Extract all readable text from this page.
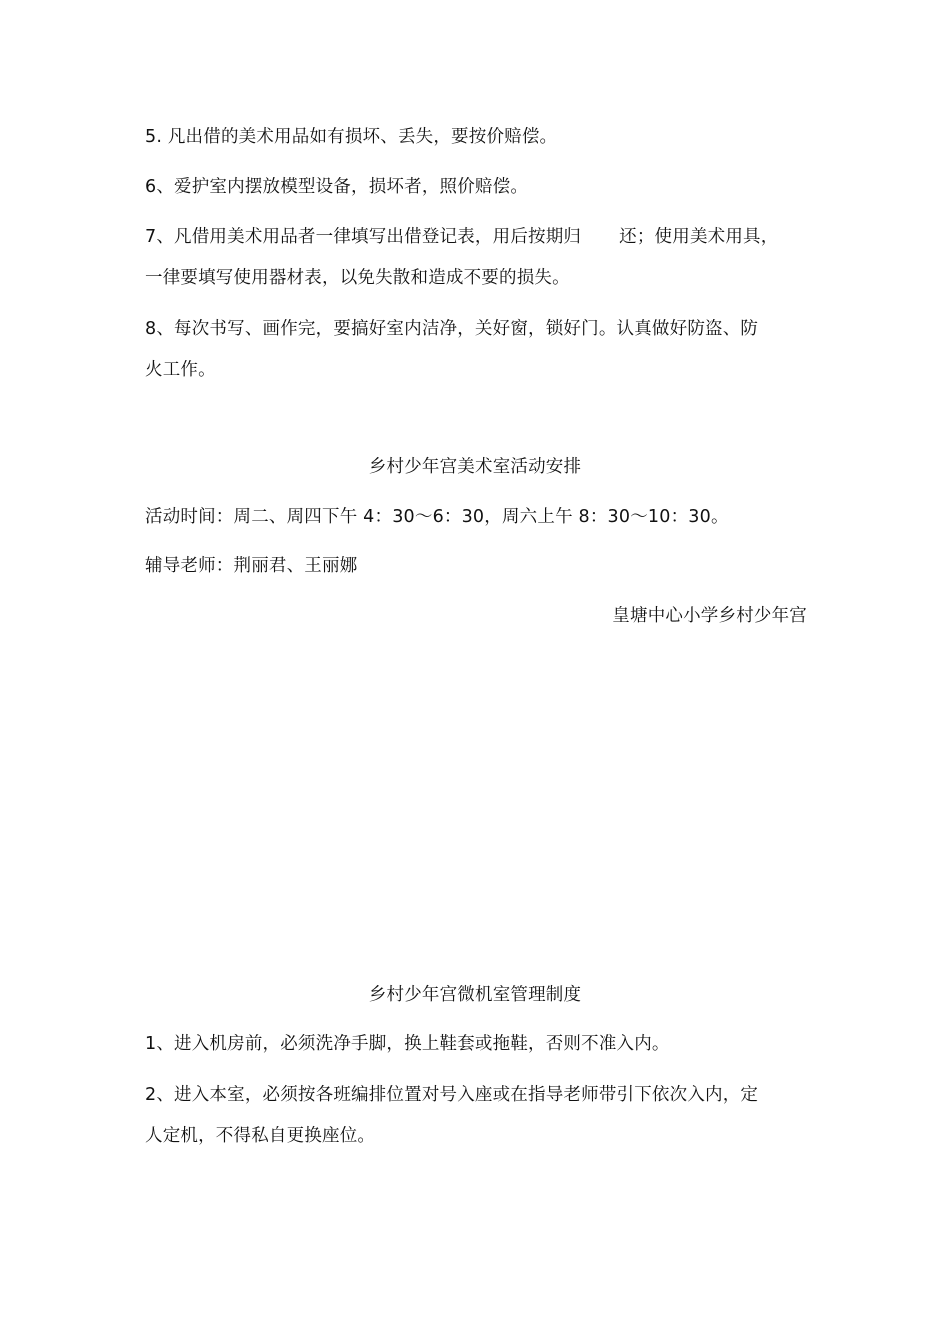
5. 凡出借的美术用品如有损坏、丢失，要按价赔偿。
6、爱护室内摆放模型设备，损坏者，照价赔偿。
7、凡借用美术用品者一律填写出借登记表，用后按期归 还；使用美术用具，
一律要填写使用器材表，以免失散和造成不要的损失。
8、每次书写、画作完，要搞好室内洁净，关好窗，锁好门。认真做好防盗、防
火工作。
乡村少年宫美术室活动安排
活动时间：周二、周四下午 4：30～6：30，周六上午 8：30～10：30。
辅导老师：荆丽君、王丽娜
皇塘中心小学乡村少年宫
乡村少年宫微机室管理制度
1、进入机房前，必须洗净手脚，换上鞋套或拖鞋，否则不准入内。
2、进入本室，必须按各班编排位置对号入座或在指导老师带引下依次入内，定
人定机，不得私自更换座位。
